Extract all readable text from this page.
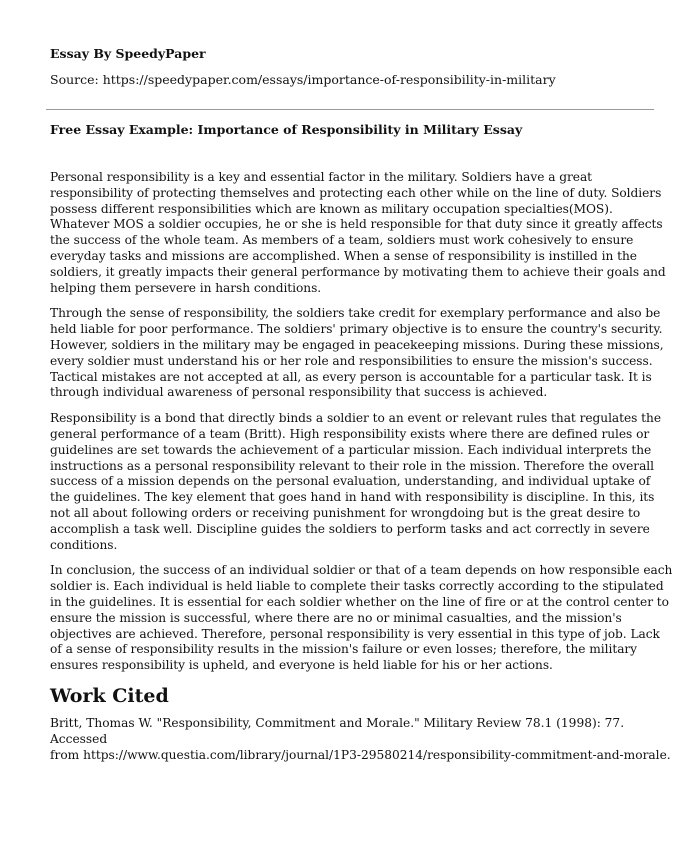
Essay By SpeedyPaper
Source: https://speedypaper.com/essays/importance-of-responsibility-in-military
Free Essay Example: Importance of Responsibility in Military Essay
Personal responsibility is a key and essential factor in the military. Soldiers have a great
responsibility of protecting themselves and protecting each other while on the line of duty. Soldiers
possess different responsibilities which are known as military occupation specialties(MOS).
Whatever MOS a soldier occupies, he or she is held responsible for that duty since it greatly affects
the success of the whole team. As members of a team, soldiers must work cohesively to ensure
everyday tasks and missions are accomplished. When a sense of responsibility is instilled in the
soldiers, it greatly impacts their general performance by motivating them to achieve their goals and
helping them persevere in harsh conditions.
Through the sense of responsibility, the soldiers take credit for exemplary performance and also be
held liable for poor performance. The soldiers' primary objective is to ensure the country's security.
However, soldiers in the military may be engaged in peacekeeping missions. During these missions,
every soldier must understand his or her role and responsibilities to ensure the mission's success.
Tactical mistakes are not accepted at all, as every person is accountable for a particular task. It is
through individual awareness of personal responsibility that success is achieved.
Responsibility is a bond that directly binds a soldier to an event or relevant rules that regulates the
general performance of a team (Britt). High responsibility exists where there are defined rules or
guidelines are set towards the achievement of a particular mission. Each individual interprets the
instructions as a personal responsibility relevant to their role in the mission. Therefore the overall
success of a mission depends on the personal evaluation, understanding, and individual uptake of
the guidelines. The key element that goes hand in hand with responsibility is discipline. In this, its
not all about following orders or receiving punishment for wrongdoing but is the great desire to
accomplish a task well. Discipline guides the soldiers to perform tasks and act correctly in severe
conditions.
In conclusion, the success of an individual soldier or that of a team depends on how responsible each
soldier is. Each individual is held liable to complete their tasks correctly according to the stipulated
in the guidelines. It is essential for each soldier whether on the line of fire or at the control center to
ensure the mission is successful, where there are no or minimal casualties, and the mission's
objectives are achieved. Therefore, personal responsibility is very essential in this type of job. Lack
of a sense of responsibility results in the mission's failure or even losses; therefore, the military
ensures responsibility is upheld, and everyone is held liable for his or her actions.
Work Cited
Britt, Thomas W. "Responsibility, Commitment and Morale." Military Review 78.1 (1998): 77.
Accessed
from https://www.questia.com/library/journal/1P3-29580214/responsibility-commitment-and-morale.
